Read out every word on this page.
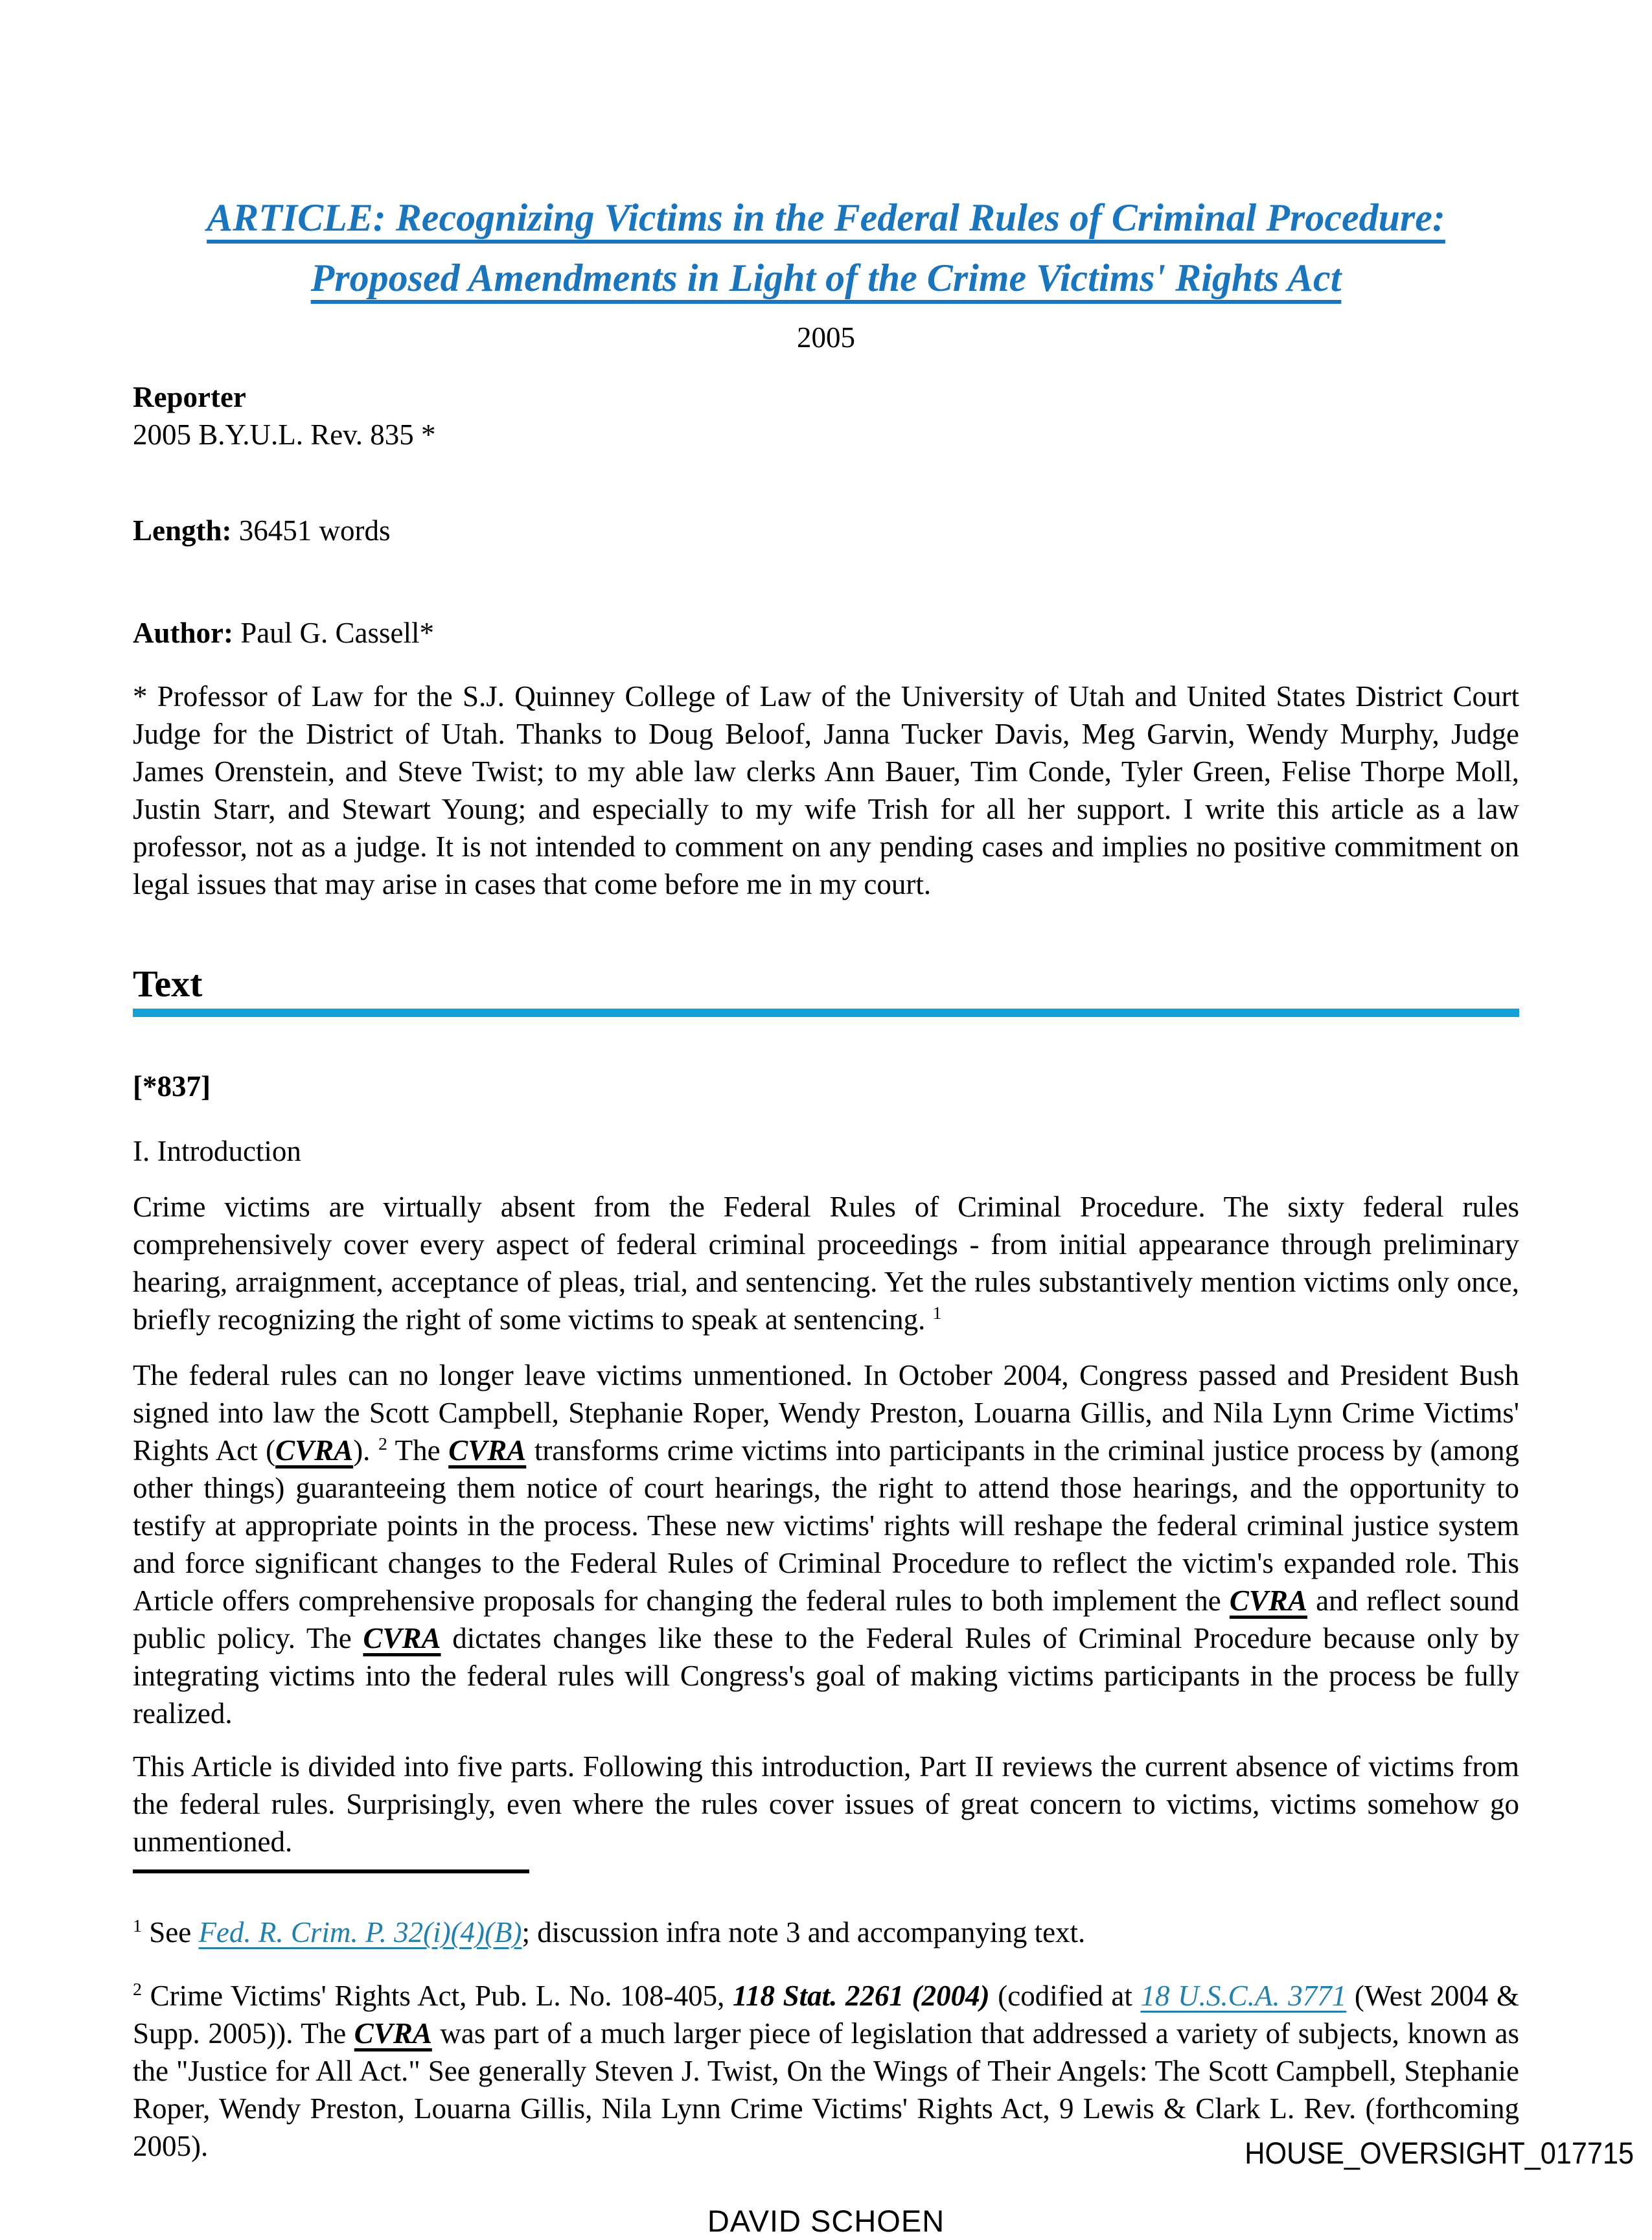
ARTICLE: Recognizing Victims in the Federal Rules of Criminal Procedure: Proposed Amendments in Light of the Crime Victims' Rights Act
2005
Reporter
2005 B.Y.U.L. Rev. 835 *
Length: 36451 words
Author: Paul G. Cassell*

* Professor of Law for the S.J. Quinney College of Law of the University of Utah and United States District Court Judge for the District of Utah. Thanks to Doug Beloof, Janna Tucker Davis, Meg Garvin, Wendy Murphy, Judge James Orenstein, and Steve Twist; to my able law clerks Ann Bauer, Tim Conde, Tyler Green, Felise Thorpe Moll, Justin Starr, and Stewart Young; and especially to my wife Trish for all her support. I write this article as a law professor, not as a judge. It is not intended to comment on any pending cases and implies no positive commitment on legal issues that may arise in cases that come before me in my court.

Text
[*837]
I. Introduction

Crime victims are virtually absent from the Federal Rules of Criminal Procedure. The sixty federal rules comprehensively cover every aspect of federal criminal proceedings - from initial appearance through preliminary hearing, arraignment, acceptance of pleas, trial, and sentencing. Yet the rules substantively mention victims only once, briefly recognizing the right of some victims to speak at sentencing. $^1$

The federal rules can no longer leave victims unmentioned. In October 2004, Congress passed and President Bush signed into law the Scott Campbell, Stephanie Roper, Wendy Preston, Louarna Gillis, and Nila Lynn Crime Victims' Rights Act (CVRA). $^2$ The CVRA transforms crime victims into participants in the criminal justice process by (among other things) guaranteeing them notice of court hearings, the right to attend those hearings, and the opportunity to testify at appropriate points in the process. These new victims' rights will reshape the federal criminal justice system and force significant changes to the Federal Rules of Criminal Procedure to reflect the victim's expanded role. This Article offers comprehensive proposals for changing the federal rules to both implement the CVRA and reflect sound public policy. The CVRA dictates changes like these to the Federal Rules of Criminal Procedure because only by integrating victims into the federal rules will Congress's goal of making victims participants in the process be fully realized.

This Article is divided into five parts. Following this introduction, Part II reviews the current absence of victims from the federal rules. Surprisingly, even where the rules cover issues of great concern to victims, victims somehow go unmentioned.

$^1$ See Fed. R. Crim. P. 32(i)(4)(B); discussion infra note 3 and accompanying text.

$^2$ Crime Victims' Rights Act, Pub. L. No. 108-405, 118 Stat. 2261 (2004) (codified at 18 U.S.C.A. 3771 (West 2004 & Supp. 2005)). The CVRA was part of a much larger piece of legislation that addressed a variety of subjects, known as the "Justice for All Act." See generally Steven J. Twist, On the Wings of Their Angels: The Scott Campbell, Stephanie Roper, Wendy Preston, Louarna Gillis, Nila Lynn Crime Victims' Rights Act, 9 Lewis & Clark L. Rev. (forthcoming 2005).

DAVID SCHOEN
HOUSE_OVERSIGHT_017715
